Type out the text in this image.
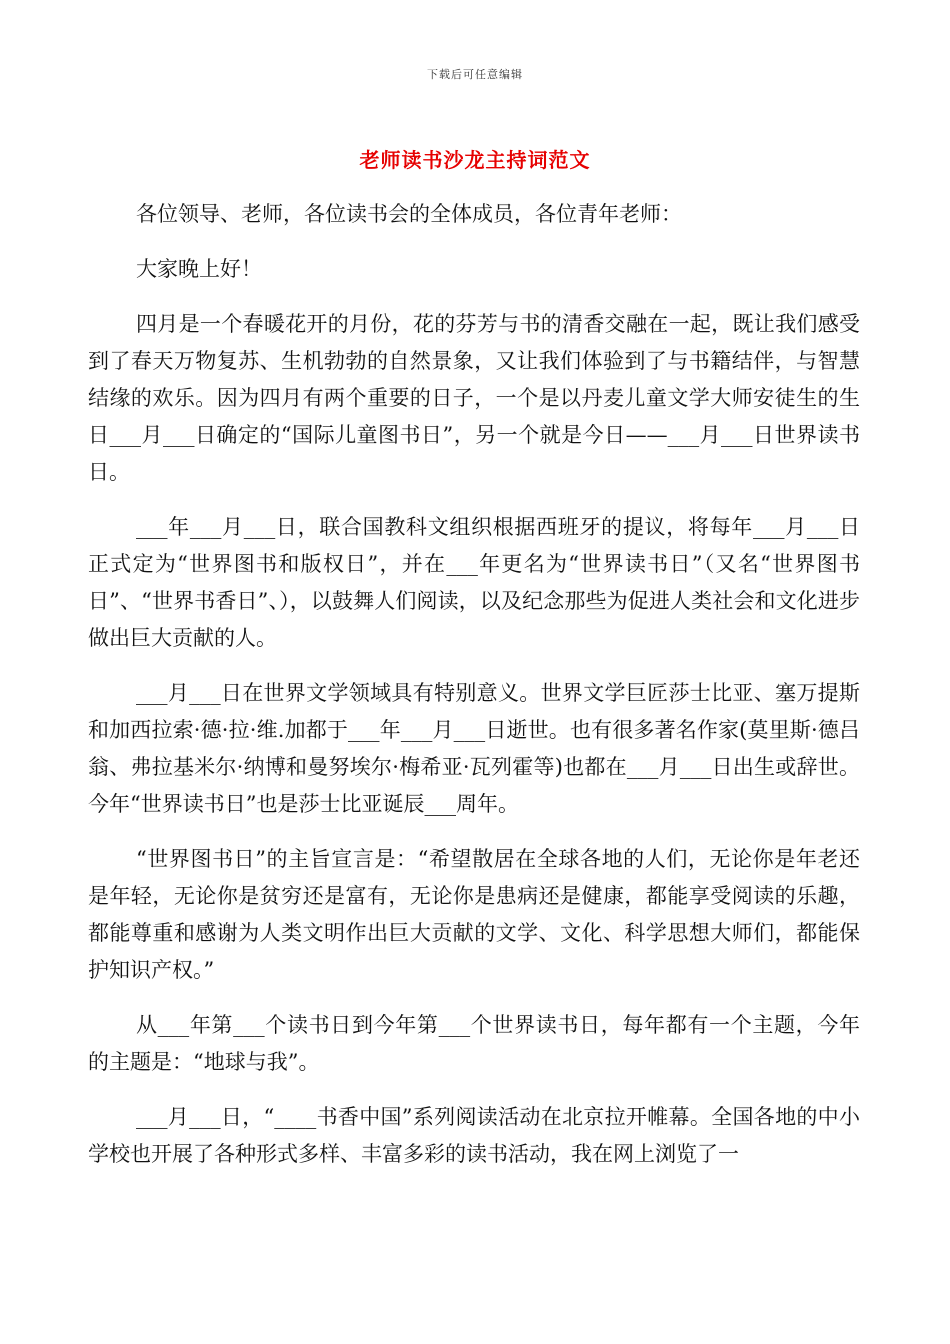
下载后可任意编辑
老师读书沙龙主持词范文

各位领导、老师，各位读书会的全体成员，各位青年老师：

大家晚上好！

四月是一个春暖花开的月份，花的芬芳与书的清香交融在一起，既让我们感受到了春天万物复苏、生机勃勃的自然景象，又让我们体验到了与书籍结伴，与智慧结缘的欢乐。因为四月有两个重要的日子，一个是以丹麦儿童文学大师安徒生的生日___月___日确定的“国际儿童图书日”，另一个就是今日——___月___日世界读书日。

___年___月___日，联合国教科文组织根据西班牙的提议，将每年___月___日正式定为“世界图书和版权日”，并在___年更名为“世界读书日”（又名“世界图书日”、“世界书香日”、），以鼓舞人们阅读，以及纪念那些为促进人类社会和文化进步做出巨大贡献的人。

___月___日在世界文学领域具有特别意义。世界文学巨匠莎士比亚、塞万提斯和加西拉索·德·拉·维.加都于___年___月___日逝世。也有很多著名作家(莫里斯·德吕翁、弗拉基米尔·纳博和曼努埃尔·梅希亚·瓦列霍等)也都在___月___日出生或辞世。今年“世界读书日”也是莎士比亚诞辰___周年。

“世界图书日”的主旨宣言是：“希望散居在全球各地的人们，无论你是年老还是年轻，无论你是贫穷还是富有，无论你是患病还是健康，都能享受阅读的乐趣，都能尊重和感谢为人类文明作出巨大贡献的文学、文化、科学思想大师们，都能保护知识产权。”

从___年第___个读书日到今年第___个世界读书日，每年都有一个主题，今年的主题是：“地球与我”。

___月___日，“____书香中国”系列阅读活动在北京拉开帷幕。全国各地的中小学校也开展了各种形式多样、丰富多彩的读书活动，我在网上浏览了一
